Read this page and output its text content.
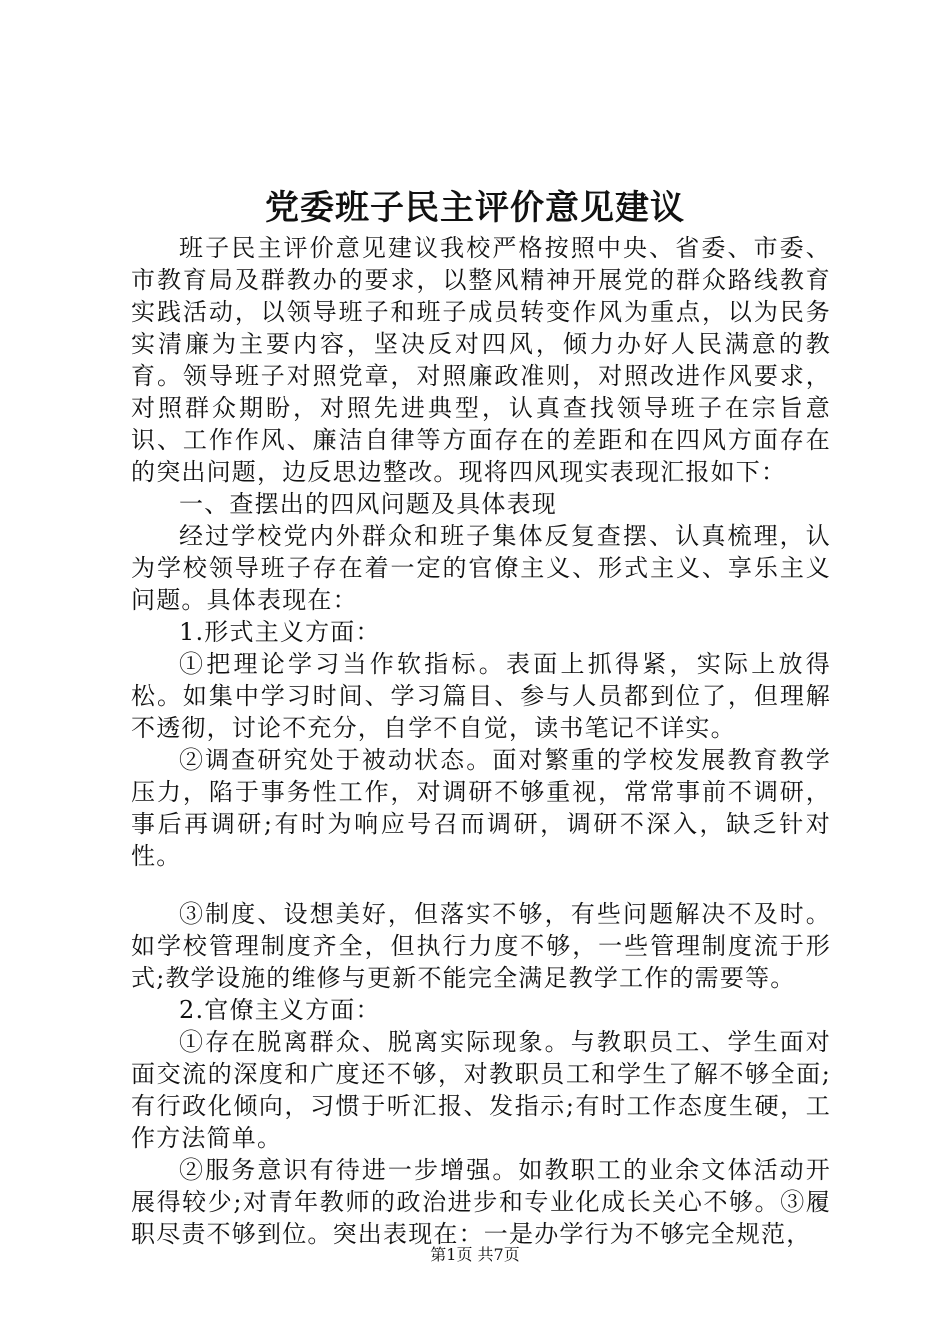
党委班子民主评价意见建议

班子民主评价意见建议我校严格按照中央、省委、市委、市教育局及群教办的要求，以整风精神开展党的群众路线教育实践活动，以领导班子和班子成员转变作风为重点，以为民务实清廉为主要内容，坚决反对四风，倾力办好人民满意的教育。领导班子对照党章，对照廉政准则，对照改进作风要求，对照群众期盼，对照先进典型，认真查找领导班子在宗旨意识、工作作风、廉洁自律等方面存在的差距和在四风方面存在的突出问题，边反思边整改。现将四风现实表现汇报如下：

一、查摆出的四风问题及具体表现

经过学校党内外群众和班子集体反复查摆、认真梳理，认为学校领导班子存在着一定的官僚主义、形式主义、享乐主义问题。具体表现在：

1.形式主义方面：

①把理论学习当作软指标。表面上抓得紧，实际上放得松。如集中学习时间、学习篇目、参与人员都到位了，但理解不透彻，讨论不充分，自学不自觉，读书笔记不详实。

②调查研究处于被动状态。面对繁重的学校发展教育教学压力，陷于事务性工作，对调研不够重视，常常事前不调研，事后再调研;有时为响应号召而调研，调研不深入，缺乏针对性。

③制度、设想美好，但落实不够，有些问题解决不及时。如学校管理制度齐全，但执行力度不够，一些管理制度流于形式;教学设施的维修与更新不能完全满足教学工作的需要等。

2.官僚主义方面：

①存在脱离群众、脱离实际现象。与教职员工、学生面对面交流的深度和广度还不够，对教职员工和学生了解不够全面;有行政化倾向，习惯于听汇报、发指示;有时工作态度生硬，工作方法简单。

②服务意识有待进一步增强。如教职工的业余文体活动开展得较少;对青年教师的政治进步和专业化成长关心不够。③履职尽责不够到位。突出表现在：一是办学行为不够完全规范，

第1页 共7页
